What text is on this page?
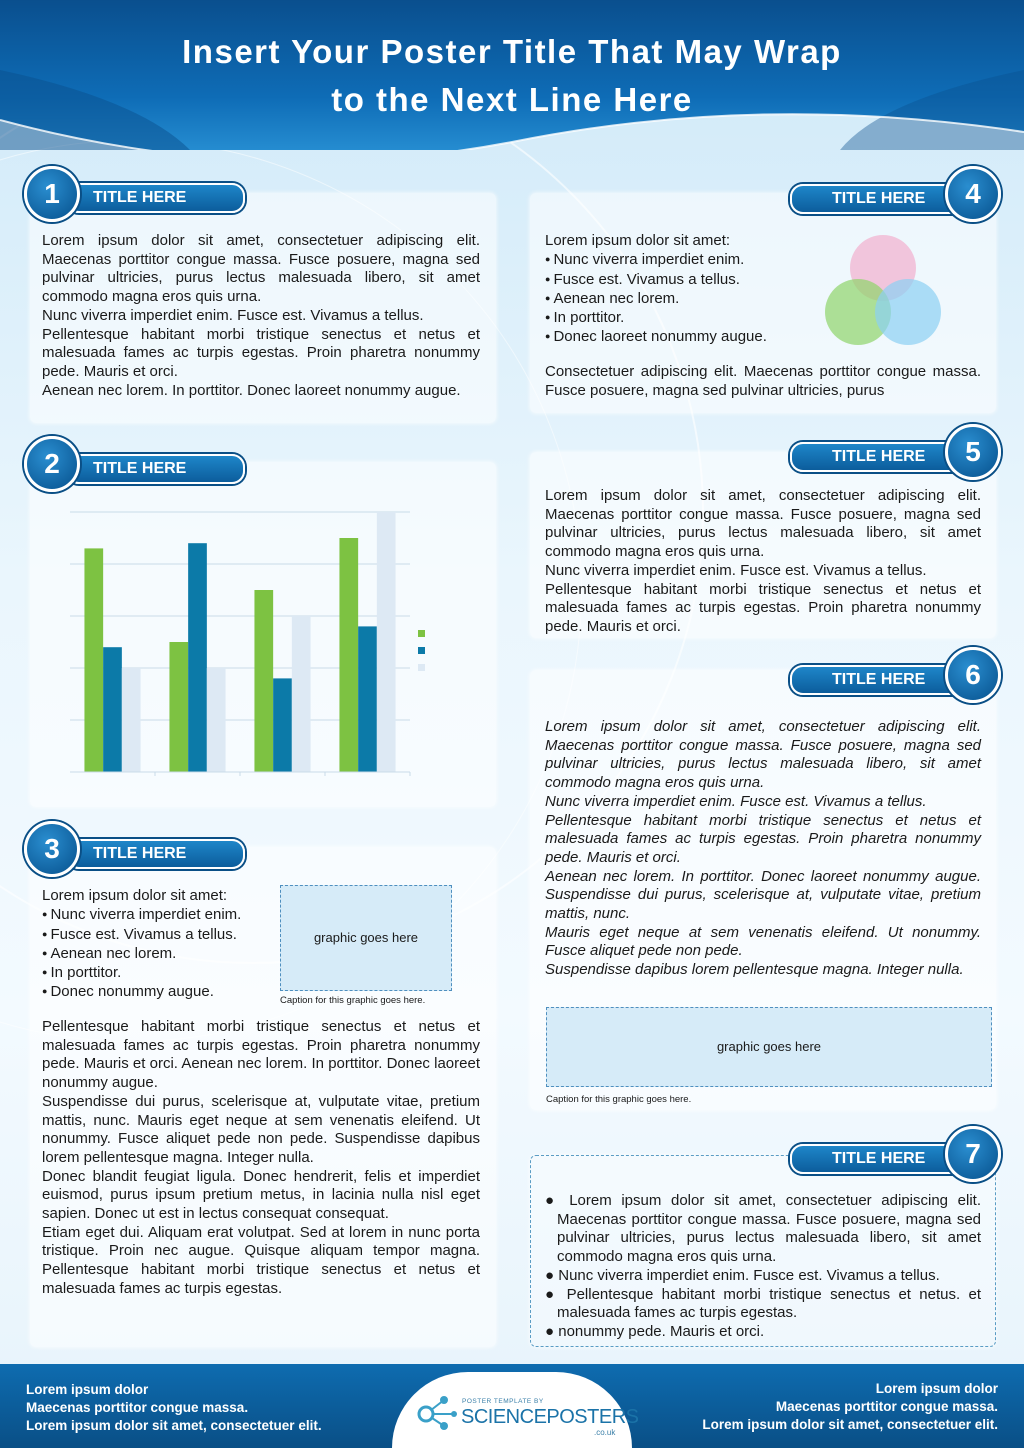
Insert Your Poster Title That May Wrap
to the Next Line Here
1	TITLE HERE

Lorem ipsum dolor sit amet, consectetuer adipiscing elit. Maecenas porttitor congue massa. Fusce posuere, magna sed pulvinar ultricies, purus lectus malesuada libero, sit amet commodo magna eros quis urna.

Nunc viverra imperdiet enim. Fusce est. Vivamus a tellus.

Pellentesque habitant morbi tristique senectus et netus et malesuada fames ac turpis egestas. Proin pharetra nonummy pede. Mauris et orci.

Aenean nec lorem. In porttitor. Donec laoreet nonummy augue.

2	TITLE HERE
3	TITLE HERE
Lorem ipsum dolor sit amet:
● Nunc viverra imperdiet enim.
● Fusce est. Vivamus a tellus.
● Aenean nec lorem.
● In porttitor.
● Donec nonummy augue.
graphic goes here
Caption for this graphic goes here.

Pellentesque habitant morbi tristique senectus et netus et malesuada fames ac turpis egestas. Proin pharetra nonummy pede. Mauris et orci. Aenean nec lorem. In porttitor. Donec laoreet nonummy augue.

Suspendisse dui purus, scelerisque at, vulputate vitae, pretium mattis, nunc. Mauris eget neque at sem venenatis eleifend. Ut nonummy. Fusce aliquet pede non pede. Suspendisse dapibus lorem pellentesque magna. Integer nulla.

Donec blandit feugiat ligula. Donec hendrerit, felis et imperdiet euismod, purus ipsum pretium metus, in lacinia nulla nisl eget sapien. Donec ut est in lectus consequat consequat.

Etiam eget dui. Aliquam erat volutpat. Sed at lorem in nunc porta tristique. Proin nec augue. Quisque aliquam tempor magna. Pellentesque habitant morbi tristique senectus et netus et malesuada fames ac turpis egestas.

TITLE HERE	4
Lorem ipsum dolor sit amet:
● Nunc viverra imperdiet enim.
● Fusce est. Vivamus a tellus.
● Aenean nec lorem.
● In porttitor.
● Donec laoreet nonummy augue.
Consectetuer adipiscing elit. Maecenas porttitor congue massa. Fusce posuere, magna sed pulvinar ultricies, purus
TITLE HERE	5

Lorem ipsum dolor sit amet, consectetuer adipiscing elit. Maecenas porttitor congue massa. Fusce posuere, magna sed pulvinar ultricies, purus lectus malesuada libero, sit amet commodo magna eros quis urna.

Nunc viverra imperdiet enim. Fusce est. Vivamus a tellus.

Pellentesque habitant morbi tristique senectus et netus et malesuada fames ac turpis egestas. Proin pharetra nonummy pede. Mauris et orci.

TITLE HERE	6

Lorem ipsum dolor sit amet, consectetuer adipiscing elit. Maecenas porttitor congue massa. Fusce posuere, magna sed pulvinar ultricies, purus lectus malesuada libero, sit amet commodo magna eros quis urna.

Nunc viverra imperdiet enim. Fusce est. Vivamus a tellus.

Pellentesque habitant morbi tristique senectus et netus et malesuada fames ac turpis egestas. Proin pharetra nonummy pede. Mauris et orci.

Aenean nec lorem. In porttitor. Donec laoreet nonummy augue. Suspendisse dui purus, scelerisque at, vulputate vitae, pretium mattis, nunc.

Mauris eget neque at sem venenatis eleifend. Ut nonummy. Fusce aliquet pede non pede.

Suspendisse dapibus lorem pellentesque magna. Integer nulla.

graphic goes here
Caption for this graphic goes here.
TITLE HERE	7

● Lorem ipsum dolor sit amet, consectetuer adipiscing elit. Maecenas porttitor congue massa. Fusce posuere, magna sed pulvinar ultricies, purus lectus malesuada libero, sit amet commodo magna eros quis urna.

● Nunc viverra imperdiet enim. Fusce est. Vivamus a tellus.

● Pellentesque habitant morbi tristique senectus et netus. et malesuada fames ac turpis egestas.

● nonummy pede. Mauris et orci.

Lorem ipsum dolor
Maecenas porttitor congue massa.
Lorem ipsum dolor sit amet, consectetuer elit.
Lorem ipsum dolor
Maecenas porttitor congue massa.
Lorem ipsum dolor sit amet, consectetuer elit.
POSTER TEMPLATE BY
SCIENCEPOSTERS
.co.uk
